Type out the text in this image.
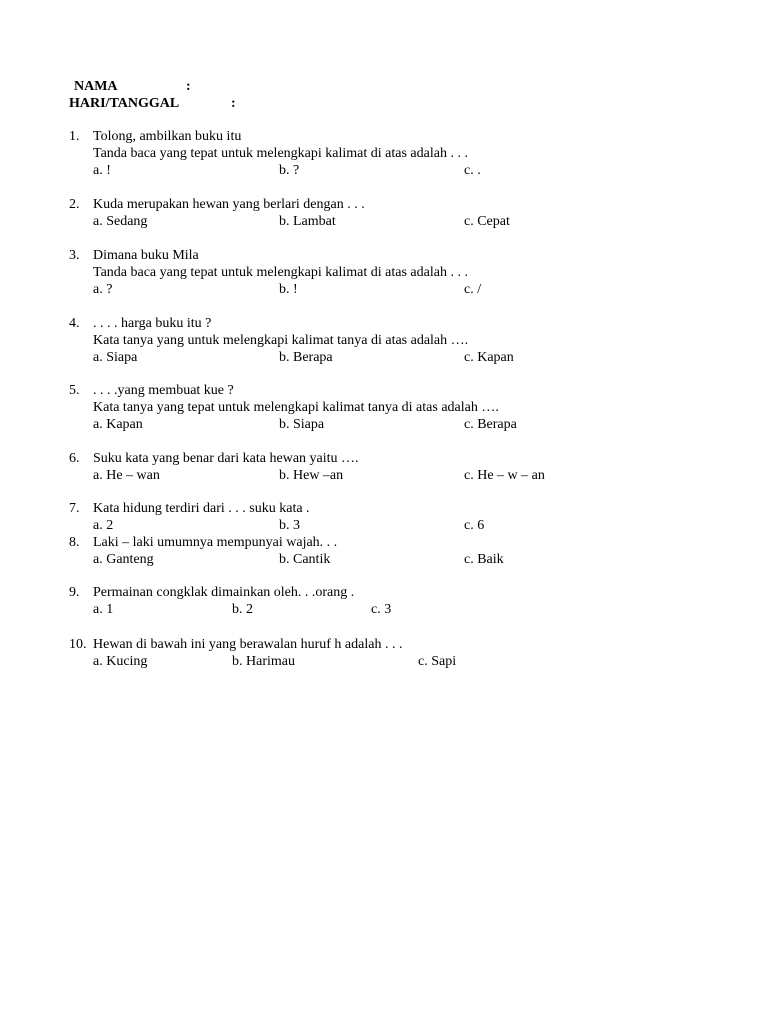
NAMA	:
HARI/TANGGAL	:
1. Tolong, ambilkan buku itu
Tanda baca yang tepat untuk melengkapi kalimat di atas adalah . . .
a. !	b. ?	c. .
2. Kuda merupakan hewan yang berlari dengan . . .
a. Sedang	b. Lambat	c. Cepat
3. Dimana buku Mila
Tanda baca yang tepat untuk melengkapi kalimat di atas adalah . . .
a. ?	b. !	c. /
4. . . . . harga buku itu ?
Kata tanya yang untuk melengkapi kalimat tanya di atas adalah ….
a. Siapa	b. Berapa	c. Kapan
5. . . . .yang membuat kue ?
Kata tanya yang tepat untuk melengkapi kalimat tanya di atas adalah ….
a. Kapan	b. Siapa	c. Berapa
6. Suku kata yang benar dari kata hewan yaitu ….
a. He – wan	b. Hew –an	c. He – w – an
7. Kata hidung terdiri dari . . . suku kata .
a. 2	b. 3	c. 6
8. Laki – laki umumnya mempunyai wajah. . .
a. Ganteng	b. Cantik	c. Baik
9. Permainan congklak dimainkan oleh. . .orang .
a. 1	b. 2	c. 3
10. Hewan di bawah ini yang berawalan huruf h adalah . . .
a. Kucing	b. Harimau	c. Sapi
